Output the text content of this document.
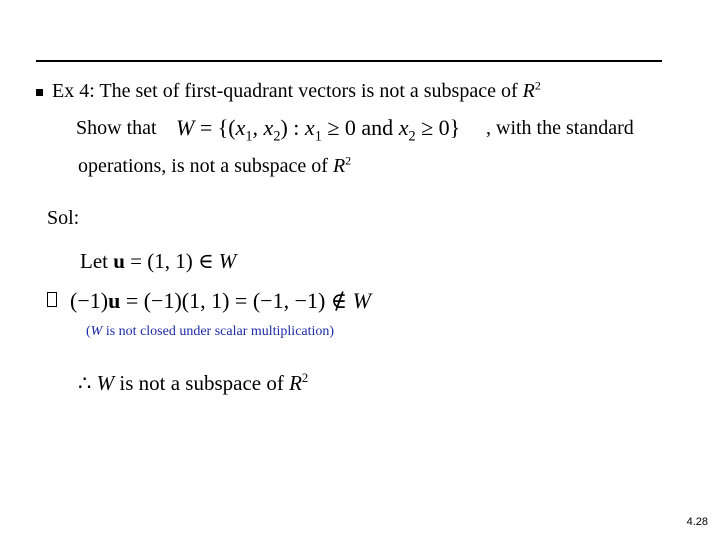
Ex 4: The set of first-quadrant vectors is not a subspace of $R^2$
Show that $W = \{(x_1$, $x_2$) : $x_1 \ge 0$ and $x_2 \ge 0$} , with the standard
operations, is not a subspace of $R^2$
Sol:
Let u = (1, 1) ∈ W
(−1)u = (−1)(1, 1) = (−1, −1) ∉ W
(W is not closed under scalar multiplication)
∴ W is not a subspace of $R^2$
4.28
